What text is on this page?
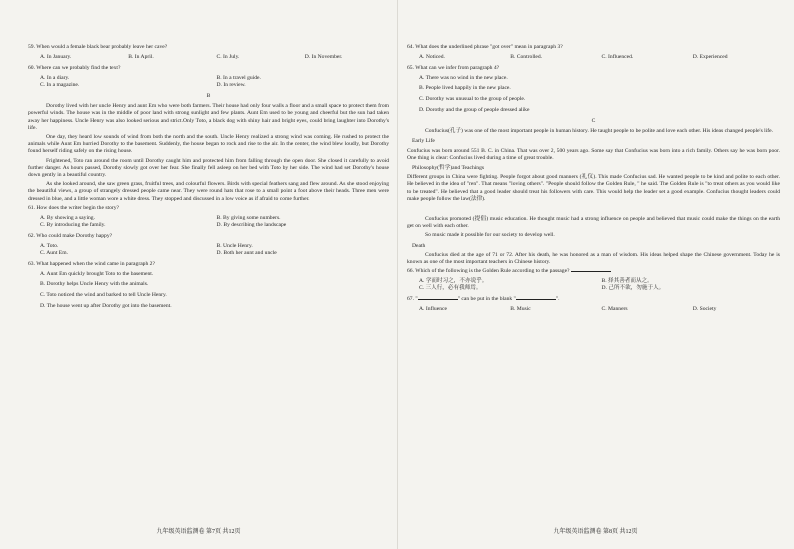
59. When would a female black bear probably leave her cave?

A. In January.	B. In April.	C. In July.	D. In November.

60. Where can we probably find the text?

A. In a diary.	B. In a travel guide.
C. In a magazine.	D. In review.
B

Dorothy lived with her uncle Henry and aunt Em who were both farmers. Their house had only four walls a floor and a small space to protect them from powerful winds. The house was in the middle of poor land with strong sunlight and few plants. Aunt Em used to be young and cheerful but the sun had taken away her happiness. Uncle Henry was also looked serious and strict.Only Toto, a black dog with shiny hair and bright eyes, could bring laughter into Dorothy's life.

One day, they heard low sounds of wind from both the north and the south. Uncle Henry realized a strong wind was coming. He rushed to protect the animals while Aunt Em hurried Dorothy to the basement. Suddenly, the house began to rock and rise to the air. In the center, the wind blew loudly, but Dorothy found herself riding safely on the rising house.

Frightened, Toto ran around the room until Dorothy caught him and protected him from falling through the open door. She closed it carefully to avoid further danger. As hours passed, Dorothy slowly got over her fear. She finally fell asleep on her bed with Toto by her side. The wind had set Dorothy's house down gently in a beautiful country.

As she looked around, she saw green grass, fruitful trees, and colourful flowers. Birds with special feathers sang and flew around. As she stood enjoying the beautiful views, a group of strangely dressed people came near. They were round hats that rose to a small point a foot above their heads. Three men were dressed in blue, and a little woman wore a white dress. They stopped and discussed in a low voice as if afraid to come further.

61. How does the writer begin the story?

A. By showing a saying.	B. By giving some numbers.
C. By introducing the family.	D. By describing the landscape

62. Who could make Dorothy happy?

A. Toto.	B. Uncle Henry.
C. Aunt Em.	D. Both her aunt and uncle

63. What happened when the wind came in paragraph 2?

A. Aunt Em quickly brought Toto to the basement.
B. Dorothy helps Uncle Henry with the animals.
C. Toto noticed the wind and barked to tell Uncle Henry.
D. The house went up after Dorothy got into the basement.
九年级英语监测卷 第7页 共12页

64. What does the underlined phrase "got over" mean in paragraph 3?

A. Noticed.	B. Controlled.	C. Influenced.	D. Experienced

65. What can we infer from paragraph 4?

A. There was no wind in the new place.
B. People lived happily in the new place.
C. Dorothy was unusual to the group of people.
D. Dorothy and the group of people dressed alike
C

Confucius(孔子) was one of the most important people in human history. He taught people to be polite and love each other. His ideas changed people's life.

Early Life

Confucius was born around 551 B. C. in China. That was over 2, 500 years ago. Some say that Confucius was born into a rich family. Others say he was born poor. One thing is clear: Confucius lived during a time of great trouble.

Philosophy(哲学)and Teachings

Different groups in China were fighting. People forgot about good manners (礼仪). This made Confucius sad. He wanted people to be kind and polite to each other. He believed in the idea of "ren". That means "loving others". "People should follow the Golden Rule, " he said. The Golden Rule is "to treat others as you would like to be treated". He believed that a good leader should treat his followers with care. This would help the leader set a good example. Confucius thought leaders could make people follow the law(法律).

Confucius promoted (提倡) music education. He thought music had a strong influence on people and believed that music could make the things on the earth get on well with each other.

So music made it possible for our society to develop well.

Death

Confucius died at the age of 71 or 72. After his death, he was honored as a man of wisdom. His ideas helped shape the Chinese government. Today he is known as one of the most important teachers in Chinese history.

66. Which of the following is the Golden Rule according to the passage?

A. 学而时习之，不亦说乎。	B. 择其善者而从之。
C. 三人行，必有我师焉。	D. 己所不欲，勿施于人。

67. "	" can be put in the blank "	".

A. Influence	B. Music	C. Manners	D. Society
九年级英语监测卷 第8页 共12页
